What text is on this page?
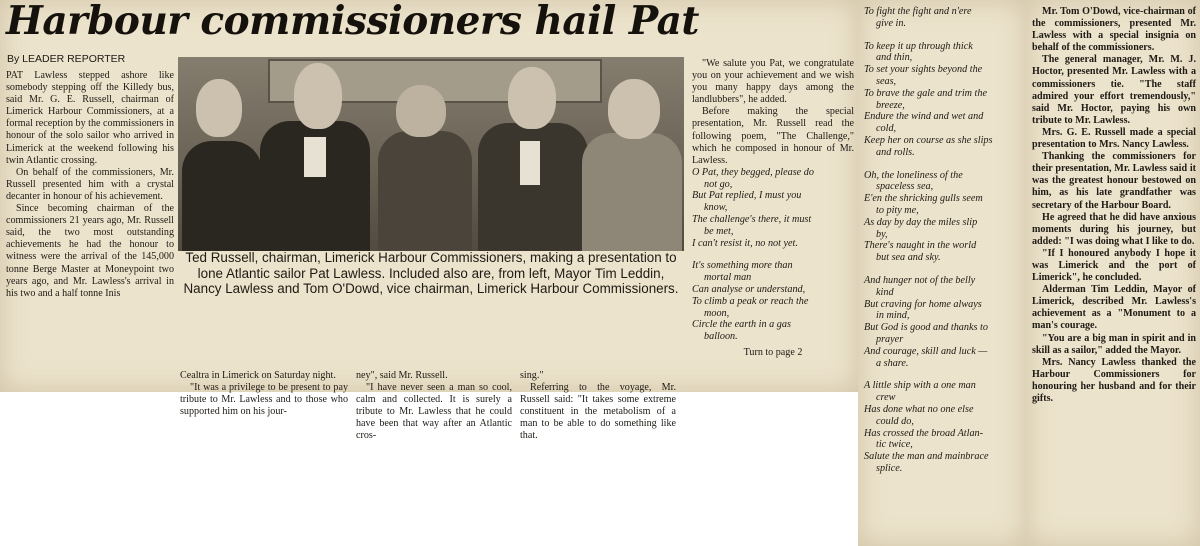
Harbour commissioners hail Pat
By LEADER REPORTER

PAT Lawless stepped ashore like somebody stepping off the Killedy bus, said Mr. G. E. Russell, chairman of Limerick Harbour Commissioners, at a formal reception by the commissioners in honour of the solo sailor who arrived in Limerick at the weekend following his twin Atlantic crossing.

On behalf of the commissioners, Mr. Russell presented him with a crystal decanter in honour of his achievement.

Since becoming chairman of the commissioners 21 years ago, Mr. Russell said, the two most outstanding achievements he had the honour to witness were the arrival of the 145,000 tonne Berge Master at Moneypoint two years ago, and Mr. Lawless's arrival in his two and a half tonne Inis

Ted Russell, chairman, Limerick Harbour Commissioners, making a presentation to lone Atlantic sailor Pat Lawless. Included also are, from left, Mayor Tim Leddin, Nancy Lawless and Tom O'Dowd, vice chairman, Limerick Harbour Commissioners.

Cealtra in Limerick on Saturday night.

"It was a privilege to be present to pay tribute to Mr. Lawless and to those who supported him on his jour-

ney", said Mr. Russell.

"I have never seen a man so cool, calm and collected. It is surely a tribute to Mr. Lawless that he could have been that way after an Atlantic cros-

sing."

Referring to the voyage, Mr. Russell said: "It takes some extreme constituent in the metabolism of a man to be able to do something like that.

"We salute you Pat, we congratulate you on your achievement and we wish you many happy days among the landlubbers", he added.

Before making the special presentation, Mr. Russell read the following poem, "The Challenge," which he composed in honour of Mr. Lawless.

O Pat, they begged, please do
not go,
But Pat replied, I must you
know,
The challenge's there, it must
be met,
I can't resist it, no not yet.
It's something more than
mortal man
Can analyse or understand,
To climb a peak or reach the
moon,
Circle the earth in a gas
balloon.
Turn to page 2
To fight the fight and n'ere
give in.
To keep it up through thick
and thin,
To set your sights beyond the
seas,
To brave the gale and trim the
breeze,
Endure the wind and wet and
cold,
Keep her on course as she slips
and rolls.
Oh, the loneliness of the
spaceless sea,
E'en the shricking gulls seem
to pity me,
As day by day the miles slip
by,
There's naught in the world
but sea and sky.
And hunger not of the belly
kind
But craving for home always
in mind,
But God is good and thanks to
prayer
And courage, skill and luck —
a share.
A little ship with a one man
crew
Has done what no one else
could do,
Has crossed the broad Atlan-
tic twice,
Salute the man and mainbrace
splice.

Mr. Tom O'Dowd, vice-chairman of the commissioners, presented Mr. Lawless with a special insignia on behalf of the commissioners.

The general manager, Mr. M. J. Hoctor, presented Mr. Lawless with a commissioners tie. "The staff admired your effort tremendously," said Mr. Hoctor, paying his own tribute to Mr. Lawless.

Mrs. G. E. Russell made a special presentation to Mrs. Nancy Lawless.

Thanking the commissioners for their presentation, Mr. Lawless said it was the greatest honour bestowed on him, as his late grandfather was secretary of the Harbour Board.

He agreed that he did have anxious moments during his journey, but added: "I was doing what I like to do.

"If I honoured anybody I hope it was Limerick and the port of Limerick", he concluded.

Alderman Tim Leddin, Mayor of Limerick, described Mr. Lawless's achievement as a "Monument to a man's courage.

"You are a big man in spirit and in skill as a sailor," added the Mayor.

Mrs. Nancy Lawless thanked the Harbour Commissioners for honouring her husband and for their gifts.
